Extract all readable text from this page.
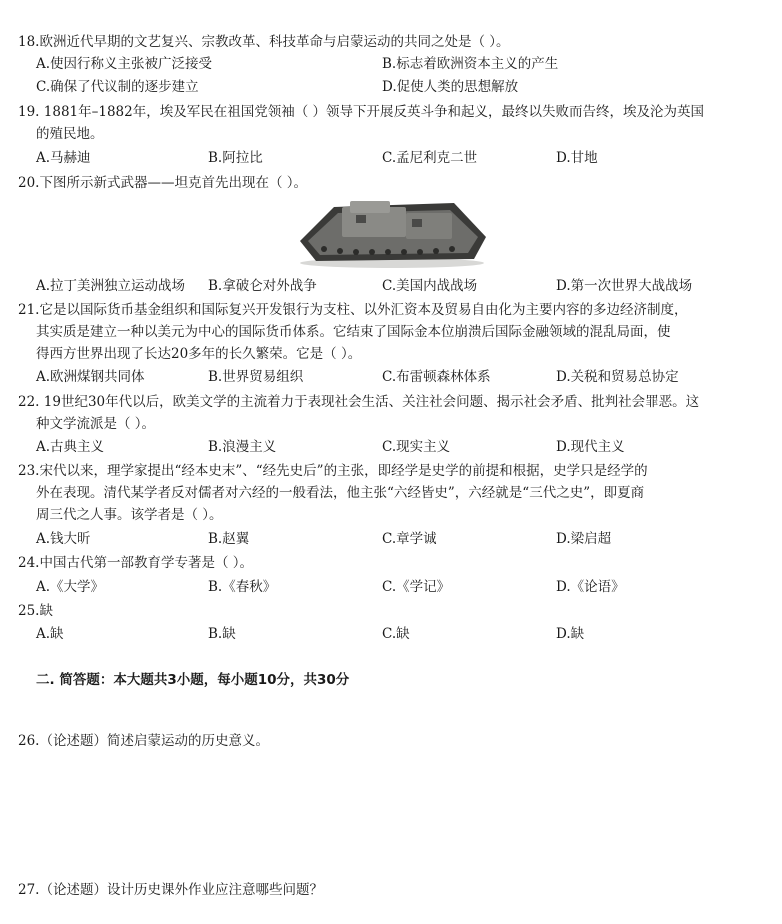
18.欧洲近代早期的文艺复兴、宗教改革、科技革命与启蒙运动的共同之处是（ ）。
A.使因行称义主张被广泛接受	B.标志着欧洲资本主义的产生
C.确保了代议制的逐步建立	D.促使人类的思想解放
19. 1881年–1882年，埃及军民在祖国党领袖（ ）领导下开展反英斗争和起义，最终以失败而告终，埃及沦为英国
的殖民地。
A.马赫迪	B.阿拉比	C.孟尼利克二世	D.甘地
20.下图所示新式武器——坦克首先出现在（ ）。
A.拉丁美洲独立运动战场 B.拿破仑对外战争	C.美国内战战场	D.第一次世界大战战场
21.它是以国际货币基金组织和国际复兴开发银行为支柱、以外汇资本及贸易自由化为主要内容的多边经济制度，
其实质是建立一种以美元为中心的国际货币体系。它结束了国际金本位崩溃后国际金融领域的混乱局面，使
得西方世界出现了长达20多年的长久繁荣。它是（ ）。
A.欧洲煤钢共同体	B.世界贸易组织	C.布雷顿森林体系	D.关税和贸易总协定
22. 19世纪30年代以后，欧美文学的主流着力于表现社会生活、关注社会问题、揭示社会矛盾、批判社会罪恶。这
种文学流派是（ ）。
A.古典主义	B.浪漫主义	C.现实主义	D.现代主义
23.宋代以来，理学家提出“经本史末”、“经先史后”的主张，即经学是史学的前提和根据，史学只是经学的
外在表现。清代某学者反对儒者对六经的一般看法，他主张“六经皆史”，六经就是“三代之史”，即夏商
周三代之人事。该学者是（ ）。
A.钱大昕	B.赵翼	C.章学诚	D.梁启超
24.中国古代第一部教育学专著是（ ）。
A.《大学》	B.《春秋》	C.《学记》	D.《论语》
25.缺
A.缺	B.缺	C.缺	D.缺
二. 简答题：本大题共3小题，每小题10分，共30分
26.（论述题）简述启蒙运动的历史意义。
27.（论述题）设计历史课外作业应注意哪些问题？
